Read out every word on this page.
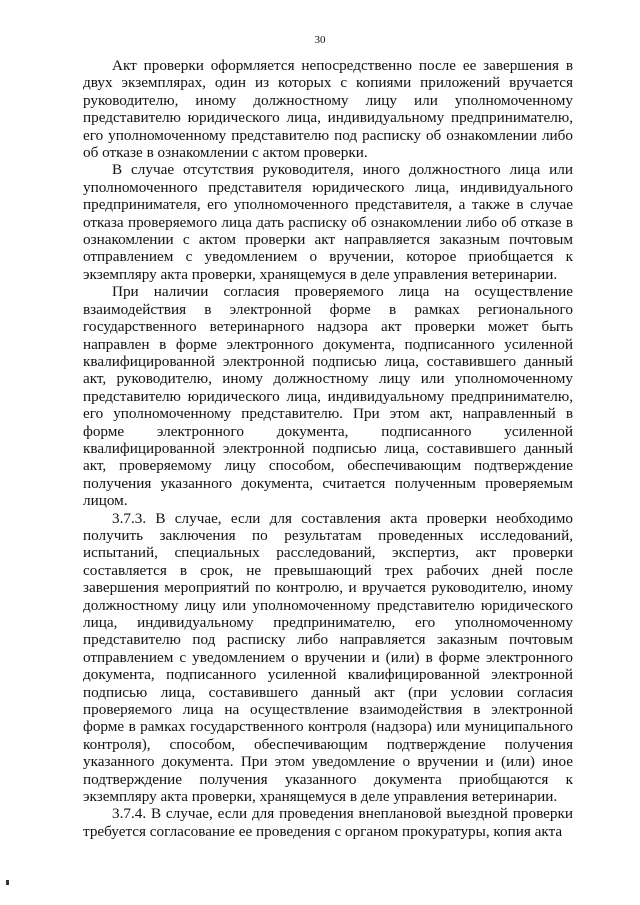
30

Акт проверки оформляется непосредственно после ее завершения в двух экземплярах, один из которых с копиями приложений вручается руководителю, иному должностному лицу или уполномоченному представителю юридического лица, индивидуальному предпринимателю, его уполномоченному представителю под расписку об ознакомлении либо об отказе в ознакомлении с актом проверки.

В случае отсутствия руководителя, иного должностного лица или уполномоченного представителя юридического лица, индивидуального предпринимателя, его уполномоченного представителя, а также в случае отказа проверяемого лица дать расписку об ознакомлении либо об отказе в ознакомлении с актом проверки акт направляется заказным почтовым отправлением с уведомлением о вручении, которое приобщается к экземпляру акта проверки, хранящемуся в деле управления ветеринарии.

При наличии согласия проверяемого лица на осуществление взаимодействия в электронной форме в рамках регионального государственного ветеринарного надзора акт проверки может быть направлен в форме электронного документа, подписанного усиленной квалифицированной электронной подписью лица, составившего данный акт, руководителю, иному должностному лицу или уполномоченному представителю юридического лица, индивидуальному предпринимателю, его уполномоченному представителю. При этом акт, направленный в форме электронного документа, подписанного усиленной квалифицированной электронной подписью лица, составившего данный акт, проверяемому лицу способом, обеспечивающим подтверждение получения указанного документа, считается полученным проверяемым лицом.

3.7.3. В случае, если для составления акта проверки необходимо получить заключения по результатам проведенных исследований, испытаний, специальных расследований, экспертиз, акт проверки составляется в срок, не превышающий трех рабочих дней после завершения мероприятий по контролю, и вручается руководителю, иному должностному лицу или уполномоченному представителю юридического лица, индивидуальному предпринимателю, его уполномоченному представителю под расписку либо направляется заказным почтовым отправлением с уведомлением о вручении и (или) в форме электронного документа, подписанного усиленной квалифицированной электронной подписью лица, составившего данный акт (при условии согласия проверяемого лица на осуществление взаимодействия в электронной форме в рамках государственного контроля (надзора) или муниципального контроля), способом, обеспечивающим подтверждение получения указанного документа. При этом уведомление о вручении и (или) иное подтверждение получения указанного документа приобщаются к экземпляру акта проверки, хранящемуся в деле управления ветеринарии.

3.7.4. В случае, если для проведения внеплановой выездной проверки требуется согласование ее проведения с органом прокуратуры, копия акта
